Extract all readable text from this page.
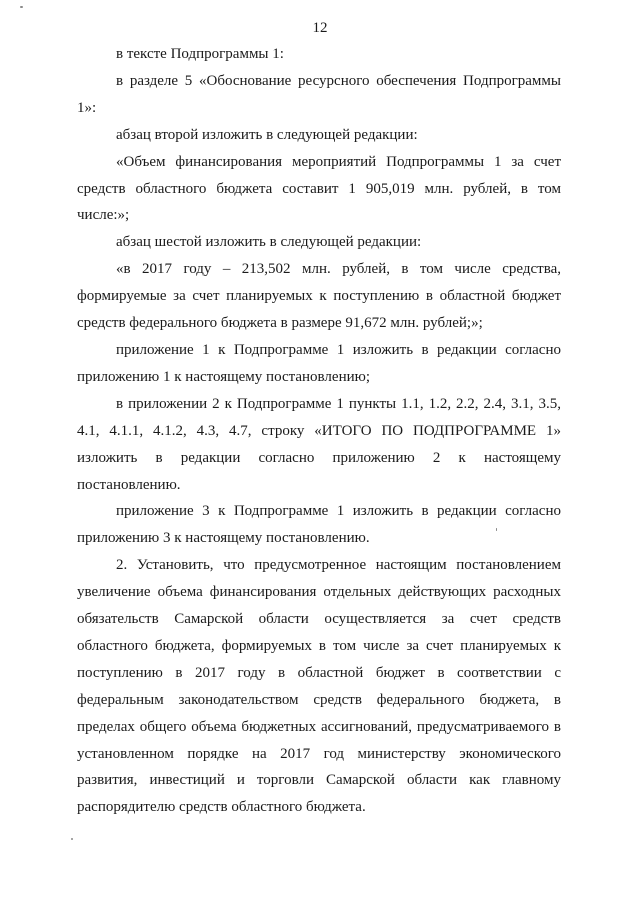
12

в тексте Подпрограммы 1:

в разделе 5 «Обоснование ресурсного обеспечения Подпрограммы 1»:

абзац второй изложить в следующей редакции:

«Объем финансирования мероприятий Подпрограммы 1 за счет средств областного бюджета составит 1 905,019 млн. рублей, в том числе:»;

абзац шестой изложить в следующей редакции:

«в 2017 году – 213,502 млн. рублей, в том числе средства, формируемые за счет планируемых к поступлению в областной бюджет средств федерального бюджета в размере 91,672 млн. рублей;»;

приложение 1 к Подпрограмме 1 изложить в редакции согласно приложению 1 к настоящему постановлению;

в приложении 2 к Подпрограмме 1 пункты 1.1, 1.2, 2.2, 2.4, 3.1, 3.5, 4.1, 4.1.1, 4.1.2, 4.3, 4.7, строку «ИТОГО ПО ПОДПРОГРАММЕ 1» изложить в редакции согласно приложению 2 к настоящему постановлению.

приложение 3 к Подпрограмме 1 изложить в редакции согласно приложению 3 к настоящему постановлению.

2. Установить, что предусмотренное настоящим постановлением увеличение объема финансирования отдельных действующих расходных обязательств Самарской области осуществляется за счет средств областного бюджета, формируемых в том числе за счет планируемых к поступлению в 2017 году в областной бюджет в соответствии с федеральным законодательством средств федерального бюджета, в пределах общего объема бюджетных ассигнований, предусматриваемого в установленном порядке на 2017 год министерству экономического развития, инвестиций и торговли Самарской области как главному распорядителю средств областного бюджета.
